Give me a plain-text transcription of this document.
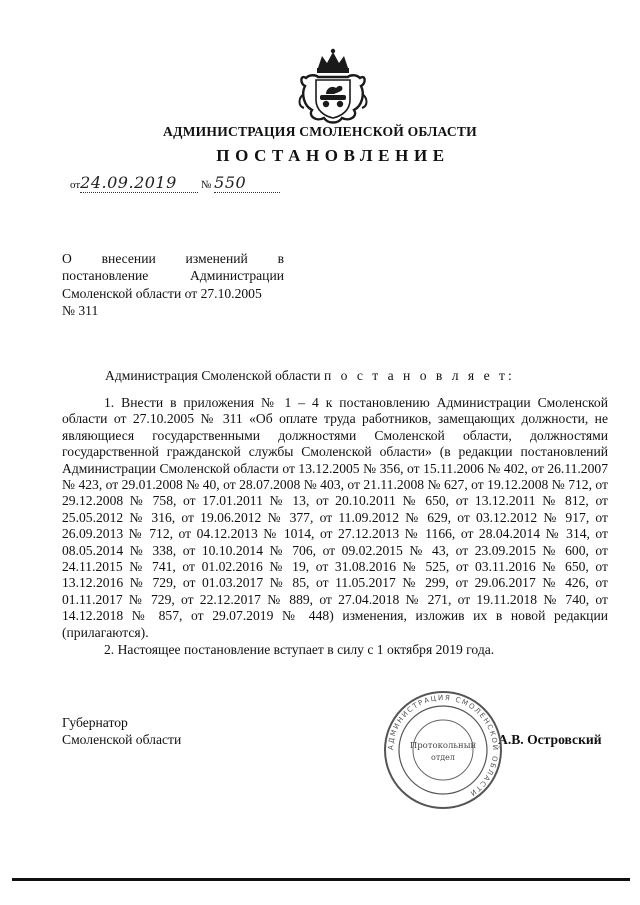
АДМИНИСТРАЦИЯ СМОЛЕНСКОЙ ОБЛАСТИ
ПОСТАНОВЛЕНИЕ
от24.09.2019 № 550
О внесении изменений в
постановление Администрации
Смоленской области от 27.10.2005
№ 311
Администрация Смоленской области п о с т а н о в л я е т:

1. Внести в приложения № 1 – 4 к постановлению Администрации Смоленской области от 27.10.2005 № 311 «Об оплате труда работников, замещающих должности, не являющиеся государственными должностями Смоленской области, должностями государственной гражданской службы Смоленской области» (в редакции постановлений Администрации Смоленской области от 13.12.2005 № 356, от 15.11.2006 № 402, от 26.11.2007 № 423, от 29.01.2008 № 40, от 28.07.2008 № 403, от 21.11.2008 № 627, от 19.12.2008 № 712, от 29.12.2008 № 758, от 17.01.2011 № 13, от 20.10.2011 № 650, от 13.12.2011 № 812, от 25.05.2012 № 316, от 19.06.2012 № 377, от 11.09.2012 № 629, от 03.12.2012 № 917, от 26.09.2013 № 712, от 04.12.2013 № 1014, от 27.12.2013 № 1166, от 28.04.2014 № 314, от 08.05.2014 № 338, от 10.10.2014 № 706, от 09.02.2015 № 43, от 23.09.2015 № 600, от 24.11.2015 № 741, от 01.02.2016 № 19, от 31.08.2016 № 525, от 03.11.2016 № 650, от 13.12.2016 № 729, от 01.03.2017 № 85, от 11.05.2017 № 299, от 29.06.2017 № 426, от 01.11.2017 № 729, от 22.12.2017 № 889, от 27.04.2018 № 271, от 19.11.2018 № 740, от 14.12.2018 № 857, от 29.07.2019 № 448) изменения, изложив их в новой редакции (прилагаются).

2. Настоящее постановление вступает в силу с 1 октября 2019 года.

Губернатор
Смоленской области	А.В. Островский
АДМИНИСТРАЦИЯ СМОЛЕНСКОЙ ОБЛАСТИ
Протокольный
отдел
